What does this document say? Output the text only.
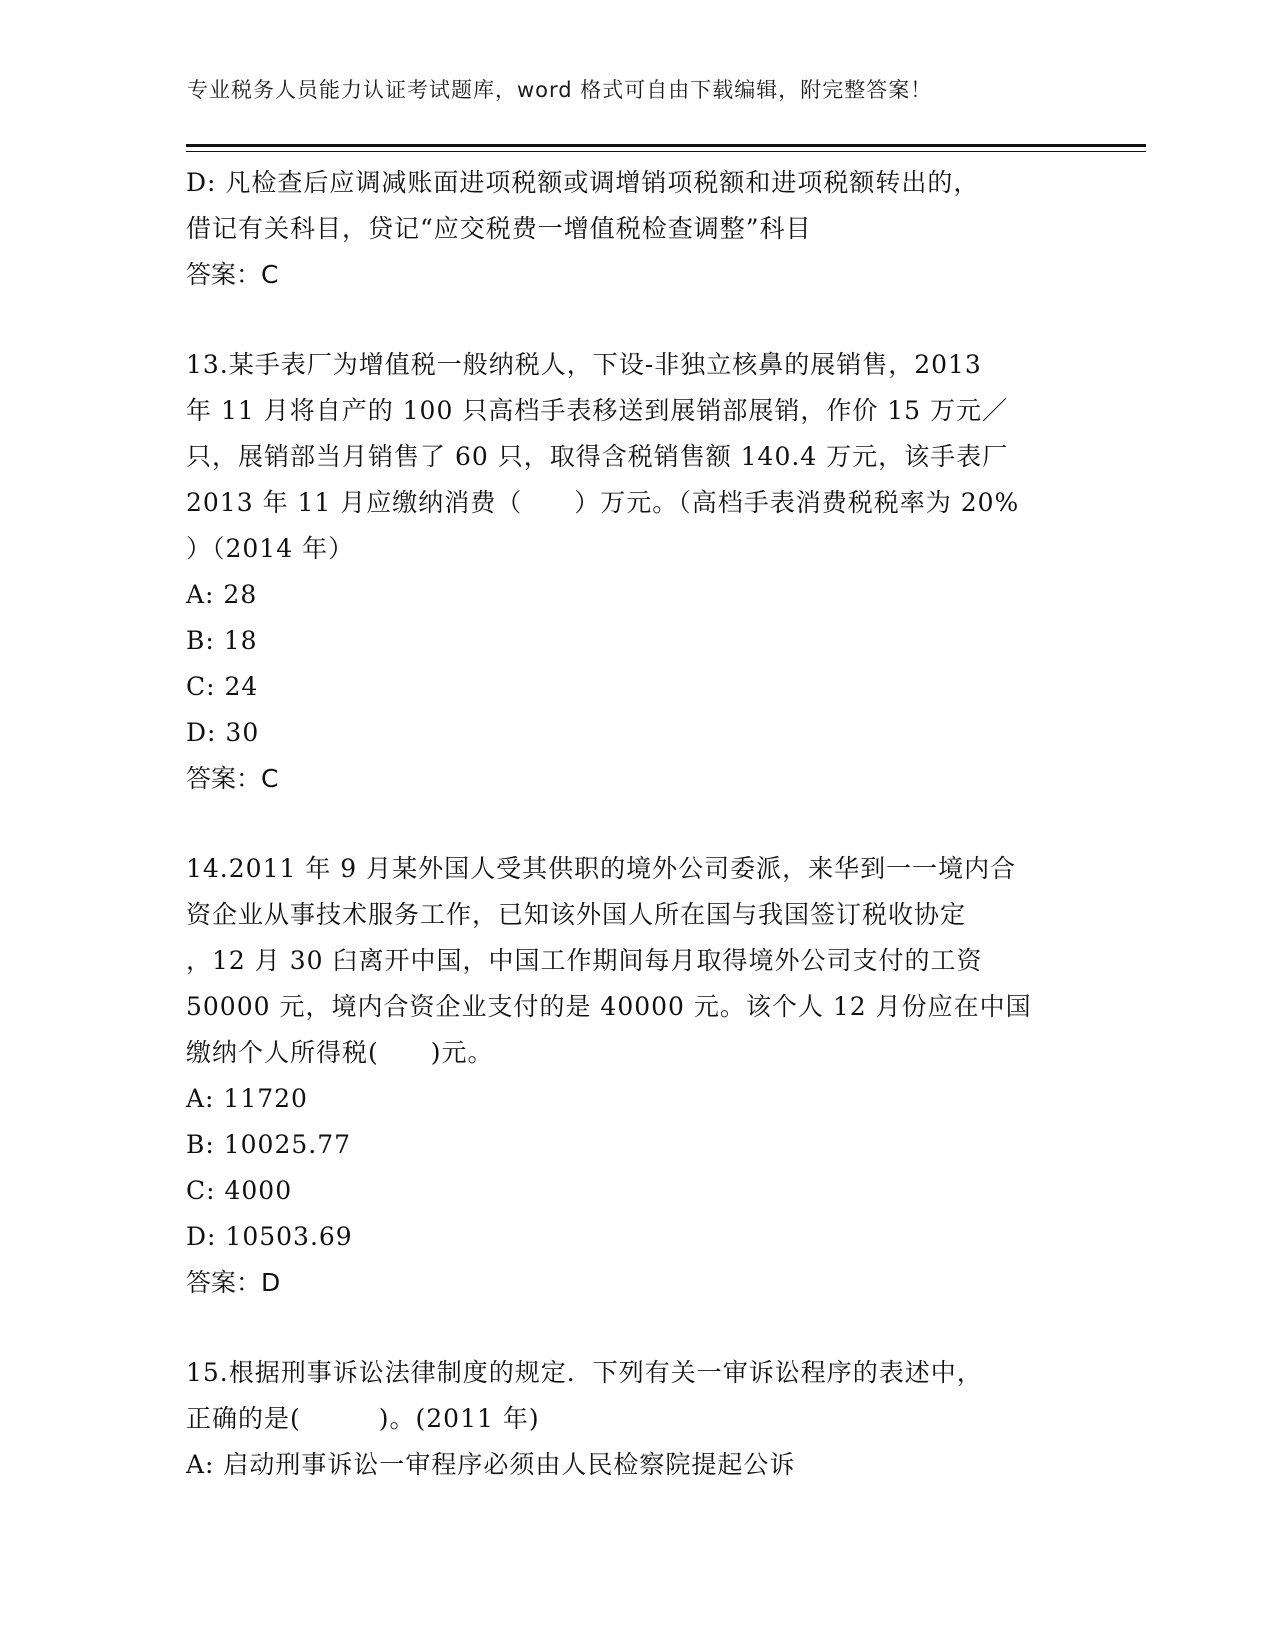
专业税务人员能力认证考试题库，word 格式可自由下载编辑，附完整答案！
D: 凡检查后应调减账面进项税额或调增销项税额和进项税额转出的，
借记有关科目，贷记“应交税费一增值税检查调整”科目
答案：C
13.某手表厂为增值税一般纳税人，下设-非独立核鼻的展销售，2013
年 11 月将自产的 100 只高档手表移送到展销部展销，作价 15 万元／
只，展销部当月销售了 60 只，取得含税销售额 140.4 万元，该手表厂
2013 年 11 月应缴纳消费（　　）万元。（高档手表消费税税率为 20%
）（2014 年）
A: 28
B: 18
C: 24
D: 30
答案：C
14.2011 年 9 月某外国人受其供职的境外公司委派，来华到一一境内合
资企业从事技术服务工作，已知该外国人所在国与我国签订税收协定
，12 月 30 臼离开中国，中国工作期间每月取得境外公司支付的工资
50000 元，境内合资企业支付的是 40000 元。该个人 12 月份应在中国
缴纳个人所得税(　　)元。
A: 11720
B: 10025.77
C: 4000
D: 10503.69
答案：D
15.根据刑事诉讼法律制度的规定．下列有关一审诉讼程序的表述中，
正确的是(　　　)。(2011 年)
A: 启动刑事诉讼一审程序必须由人民检察院提起公诉
